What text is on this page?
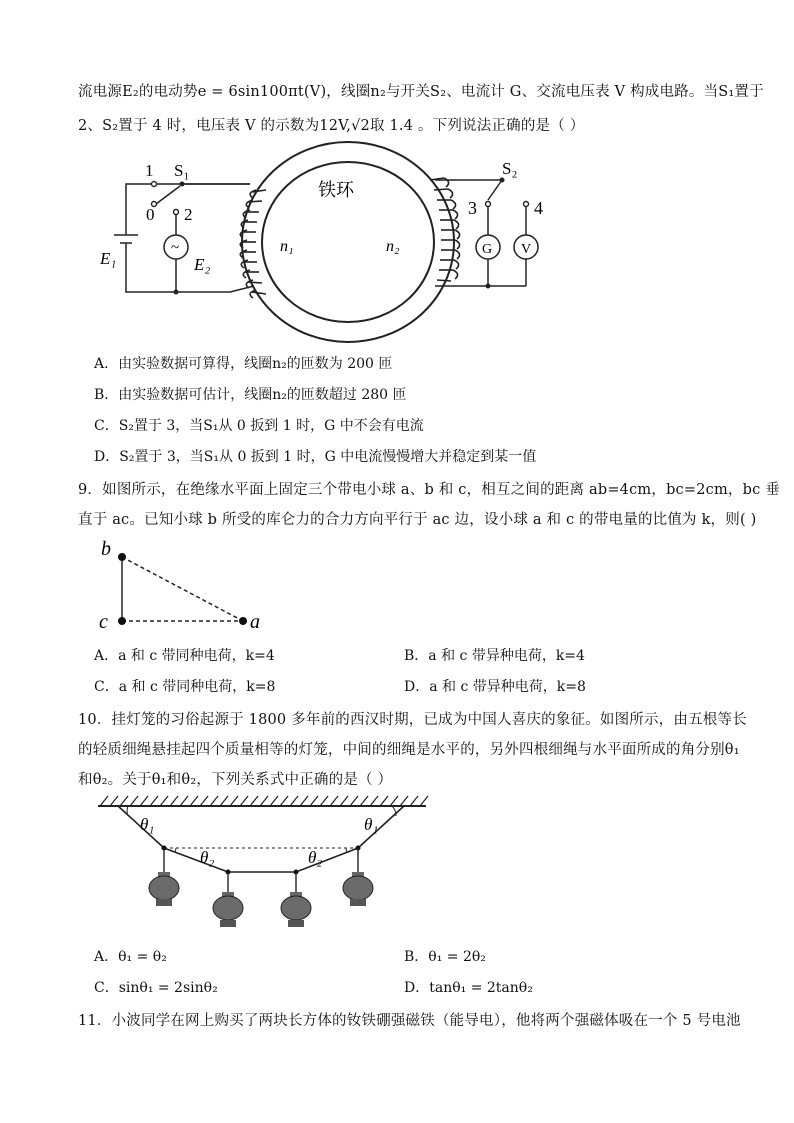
流电源E₂的电动势e = 6sin100πt(V)，线圈n₂与开关S₂、电流计 G、交流电压表 V 构成电路。当S₁置于
2、S₂置于 4 时，电压表 V 的示数为12V,√2取 1.4 。下列说法正确的是（ ）
1 S₁
0 2
E₁	E₂
~
铁环
n₁	n₂
S₂
3	4
G V
A．由实验数据可算得，线圈n₂的匝数为 200 匝
B．由实验数据可估计，线圈n₂的匝数超过 280 匝
C．S₂置于 3，当S₁从 0 扳到 1 时，G 中不会有电流
D．S₂置于 3，当S₁从 0 扳到 1 时，G 中电流慢慢增大并稳定到某一值
9．如图所示，在绝缘水平面上固定三个带电小球 a、b 和 c，相互之间的距离 ab=4cm，bc=2cm，bc 垂
直于 ac。已知小球 b 所受的库仑力的合力方向平行于 ac 边，设小球 a 和 c 的带电量的比值为 k，则( )
b
c	a
A．a 和 c 带同种电荷，k=4	B．a 和 c 带异种电荷，k=4
C．a 和 c 带同种电荷，k=8	D．a 和 c 带异种电荷，k=8
10．挂灯笼的习俗起源于 1800 多年前的西汉时期，已成为中国人喜庆的象征。如图所示，由五根等长
的轻质细绳悬挂起四个质量相等的灯笼，中间的细绳是水平的，另外四根细绳与水平面所成的角分别θ₁
和θ₂。关于θ₁和θ₂，下列关系式中正确的是（ ）
θ₁	θ₁
θ₂	θ₂
A．θ₁ = θ₂	B．θ₁ = 2θ₂
C．sinθ₁ = 2sinθ₂	D．tanθ₁ = 2tanθ₂
11．小波同学在网上购买了两块长方体的钕铁硼强磁铁（能导电），他将两个强磁体吸在一个 5 号电池
